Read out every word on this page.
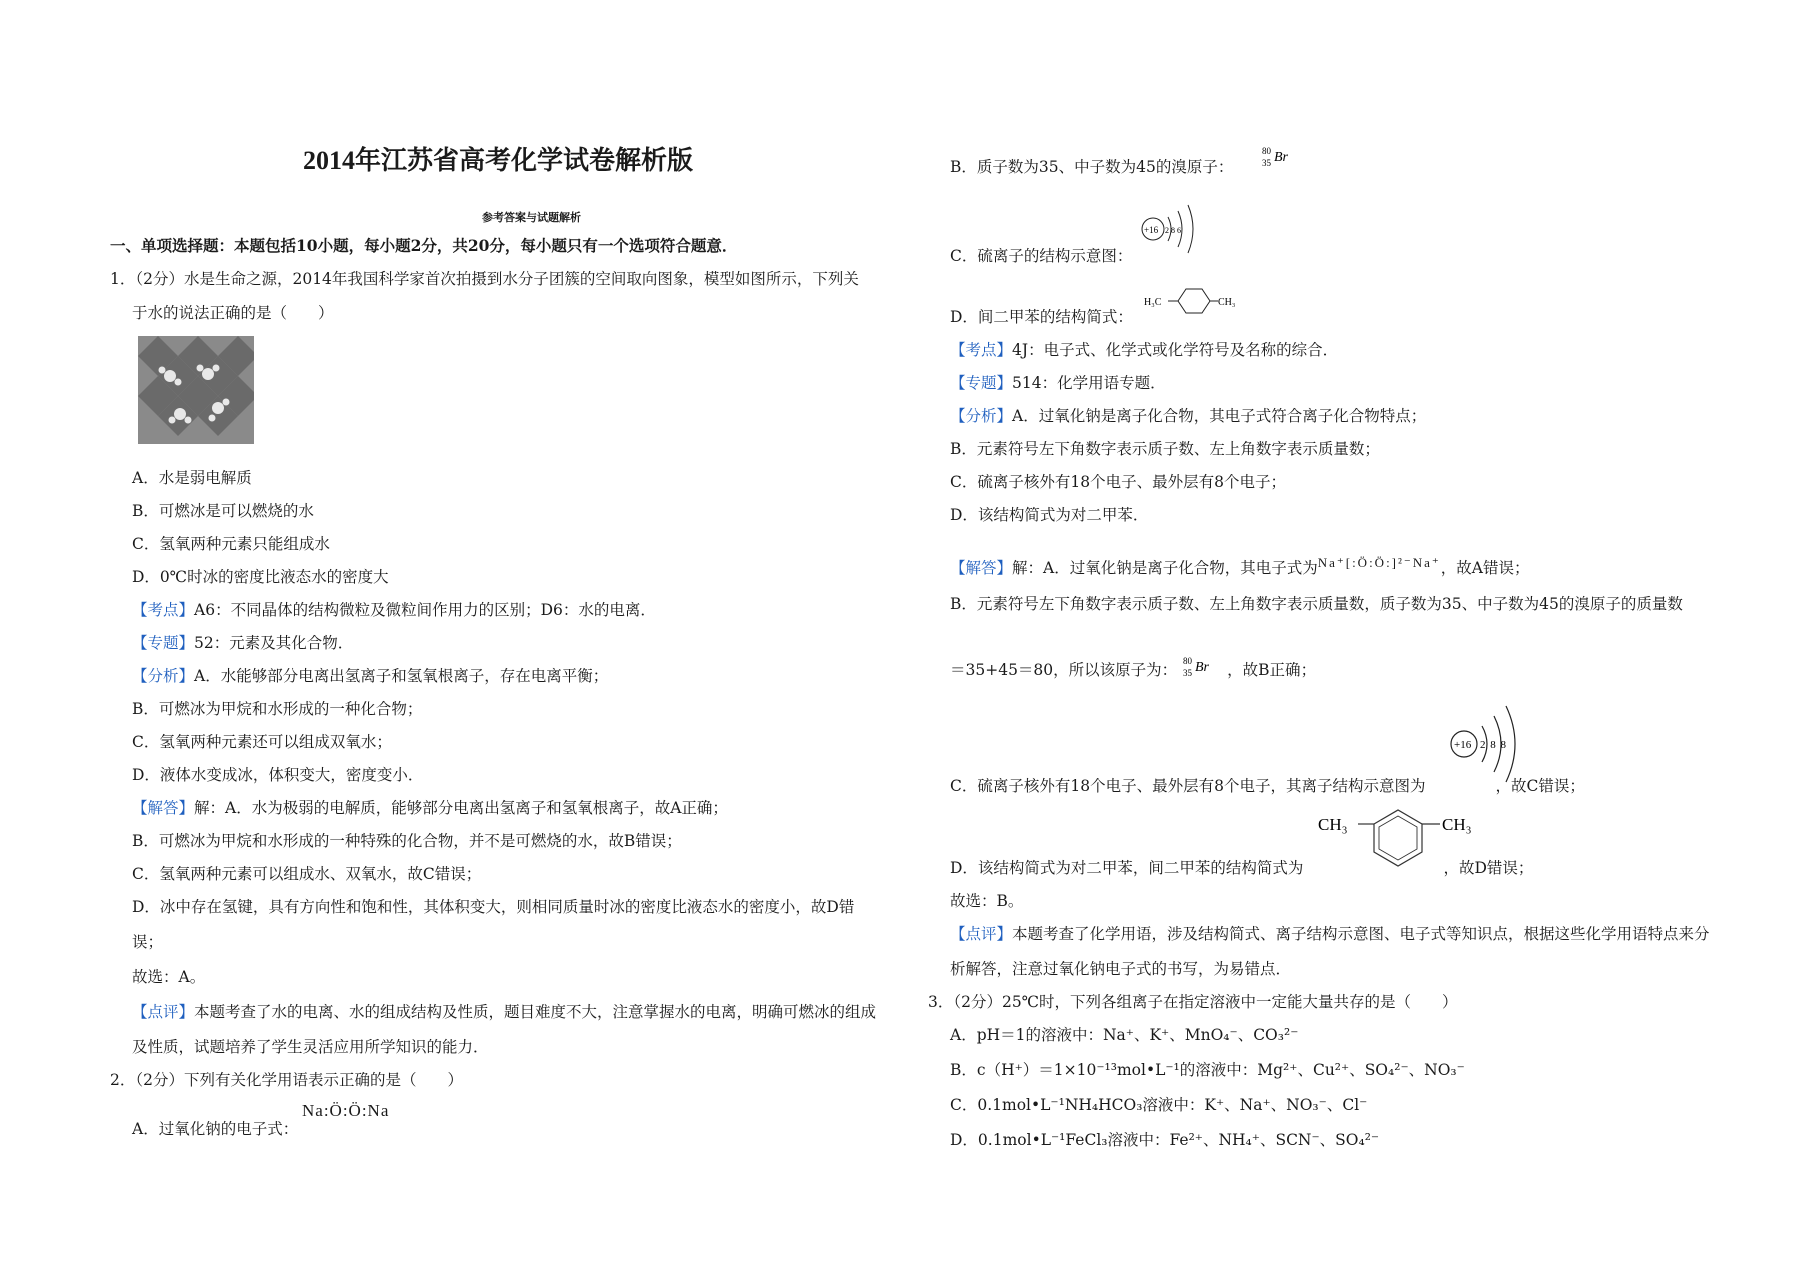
2014年江苏省高考化学试卷解析版
参考答案与试题解析
一、单项选择题：本题包括10小题，每小题2分，共20分，每小题只有一个选项符合题意．
1．（2分）水是生命之源，2014年我国科学家首次拍摄到水分子团簇的空间取向图象，模型如图所示，下列关
于水的说法正确的是（　　）
A．水是弱电解质
B．可燃冰是可以燃烧的水
C．氢氧两种元素只能组成水
D．0℃时冰的密度比液态水的密度大
【考点】A6：不同晶体的结构微粒及微粒间作用力的区别；D6：水的电离．
【专题】52：元素及其化合物．
【分析】A．水能够部分电离出氢离子和氢氧根离子，存在电离平衡；
B．可燃冰为甲烷和水形成的一种化合物；
C．氢氧两种元素还可以组成双氧水；
D．液体水变成冰，体积变大，密度变小．
【解答】解：A．水为极弱的电解质，能够部分电离出氢离子和氢氧根离子，故A正确；
B．可燃冰为甲烷和水形成的一种特殊的化合物，并不是可燃烧的水，故B错误；
C．氢氧两种元素可以组成水、双氧水，故C错误；
D．冰中存在氢键，具有方向性和饱和性，其体积变大，则相同质量时冰的密度比液态水的密度小，故D错
误；
故选：A。
【点评】本题考查了水的电离、水的组成结构及性质，题目难度不大，注意掌握水的电离，明确可燃冰的组成
及性质，试题培养了学生灵活应用所学知识的能力．
2．（2分）下列有关化学用语表示正确的是（　　）
A．过氧化钠的电子式：
Na:Ö:Ö:Na
B．质子数为35、中子数为45的溴原子：
80
35 Br
C．硫离子的结构示意图：
+16 2 8 6
D．间二甲苯的结构简式：
H₃C	CH₃
【考点】4J：电子式、化学式或化学符号及名称的综合．
【专题】514：化学用语专题．
【分析】A．过氧化钠是离子化合物，其电子式符合离子化合物特点；
B．元素符号左下角数字表示质子数、左上角数字表示质量数；
C．硫离子核外有18个电子、最外层有8个电子；
D．该结构简式为对二甲苯．
【解答】解：A．过氧化钠是离子化合物，其电子式为$^{Na^+[:Ö:Ö:]^{2-}Na^+}$，故A错误；
B．元素符号左下角数字表示质子数、左上角数字表示质量数，质子数为35、中子数为45的溴原子的质量数
＝35+45＝80，所以该原子为： 80
35 Br ，故B正确；
+16 2 8 8
C．硫离子核外有18个电子、最外层有8个电子，其离子结构示意图为	，故C错误；
CH₃	CH₃
D．该结构简式为对二甲苯，间二甲苯的结构简式为	，故D错误；
故选：B。
【点评】本题考查了化学用语，涉及结构简式、离子结构示意图、电子式等知识点，根据这些化学用语特点来分
析解答，注意过氧化钠电子式的书写，为易错点．
3．（2分）25℃时，下列各组离子在指定溶液中一定能大量共存的是（　　）
A．pH＝1的溶液中：Na⁺、K⁺、MnO₄⁻、CO₃²⁻
B．c（H⁺）＝1×10⁻¹³mol•L⁻¹的溶液中：Mg²⁺、Cu²⁺、SO₄²⁻、NO₃⁻
C．0.1mol•L⁻¹NH₄HCO₃溶液中：K⁺、Na⁺、NO₃⁻、Cl⁻
D．0.1mol•L⁻¹FeCl₃溶液中：Fe²⁺、NH₄⁺、SCN⁻、SO₄²⁻
